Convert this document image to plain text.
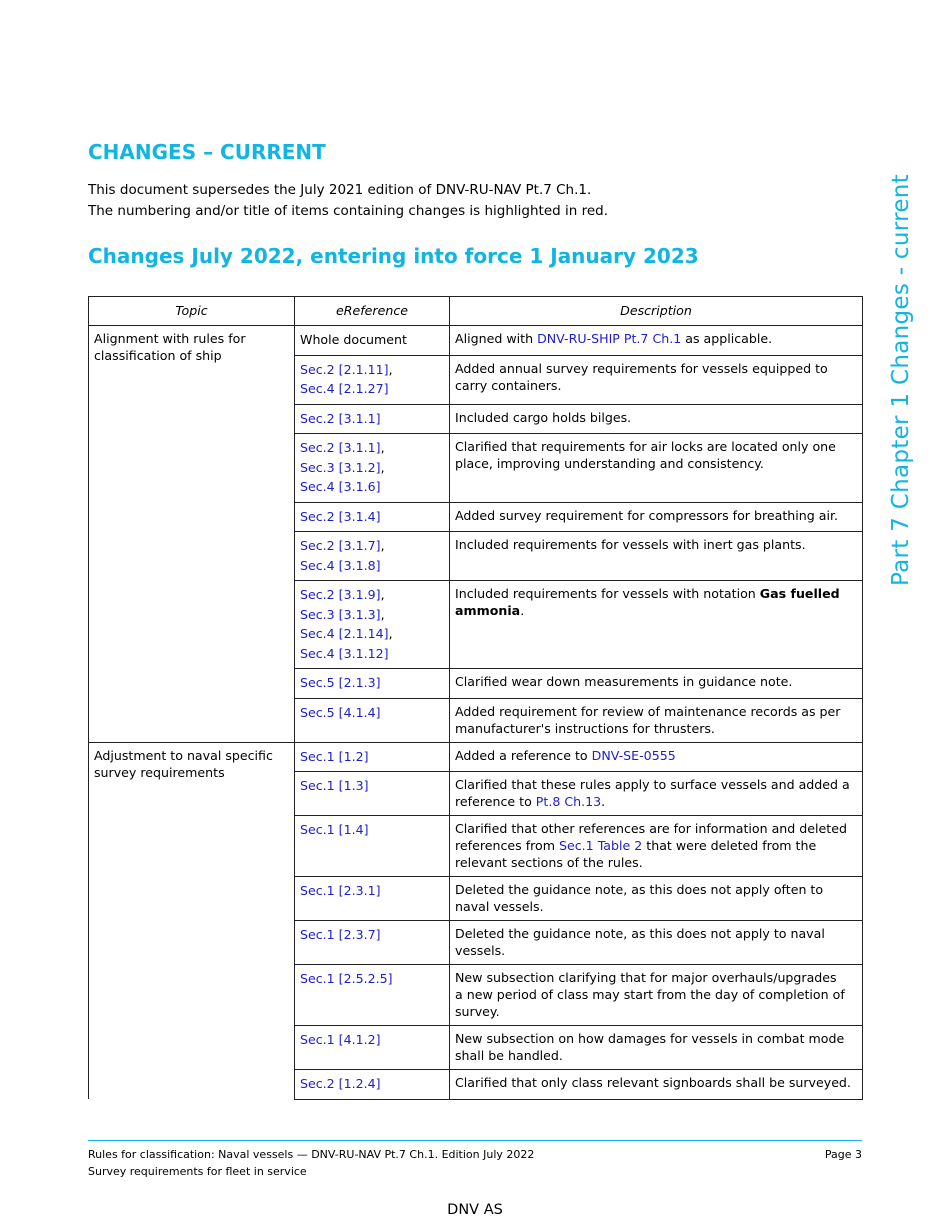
CHANGES – CURRENT
This document supersedes the July 2021 edition of DNV-RU-NAV Pt.7 Ch.1.
The numbering and/or title of items containing changes is highlighted in red.
Changes July 2022, entering into force 1 January 2023	Part 7 Chapter 1 Changes - current
Topic	eReference	Description
Alignment with rules for classification of ship	Whole document	Aligned with DNV-RU-SHIP Pt.7 Ch.1 as applicable.

	Sec.2 [2.1.11],
Sec.4 [2.1.27]	Added annual survey requirements for vessels equipped to carry containers.

	Sec.2 [3.1.1]	Included cargo holds bilges.

	Sec.2 [3.1.1],
Sec.3 [3.1.2],
Sec.4 [3.1.6]	Clarified that requirements for air locks are located only one place, improving understanding and consistency.

	Sec.2 [3.1.4]	Added survey requirement for compressors for breathing air.

	Sec.2 [3.1.7],
Sec.4 [3.1.8]	Included requirements for vessels with inert gas plants.

	Sec.2 [3.1.9],
Sec.3 [3.1.3],
Sec.4 [2.1.14],
Sec.4 [3.1.12]	Included requirements for vessels with notation Gas fuelled ammonia.

	Sec.5 [2.1.3]	Clarified wear down measurements in guidance note.

	Sec.5 [4.1.4]	Added requirement for review of maintenance records as per manufacturer's instructions for thrusters.
Adjustment to naval specific survey requirements	Sec.1 [1.2]	Added a reference to DNV-SE-0555

	Sec.1 [1.3]	Clarified that these rules apply to surface vessels and added a reference to Pt.8 Ch.13.

	Sec.1 [1.4]	Clarified that other references are for information and deleted references from Sec.1 Table 2 that were deleted from the relevant sections of the rules.

	Sec.1 [2.3.1]	Deleted the guidance note, as this does not apply often to naval vessels.

	Sec.1 [2.3.7]	Deleted the guidance note, as this does not apply to naval vessels.

	Sec.1 [2.5.2.5]	New subsection clarifying that for major overhauls/upgrades
a new period of class may start from the day of completion of survey.

	Sec.1 [4.1.2]	New subsection on how damages for vessels in combat mode shall be handled.

	Sec.2 [1.2.4]	Clarified that only class relevant signboards shall be surveyed.
Rules for classification: Naval vessels — DNV-RU-NAV Pt.7 Ch.1. Edition July 2022
Survey requirements for fleet in service
Page 3
DNV AS
